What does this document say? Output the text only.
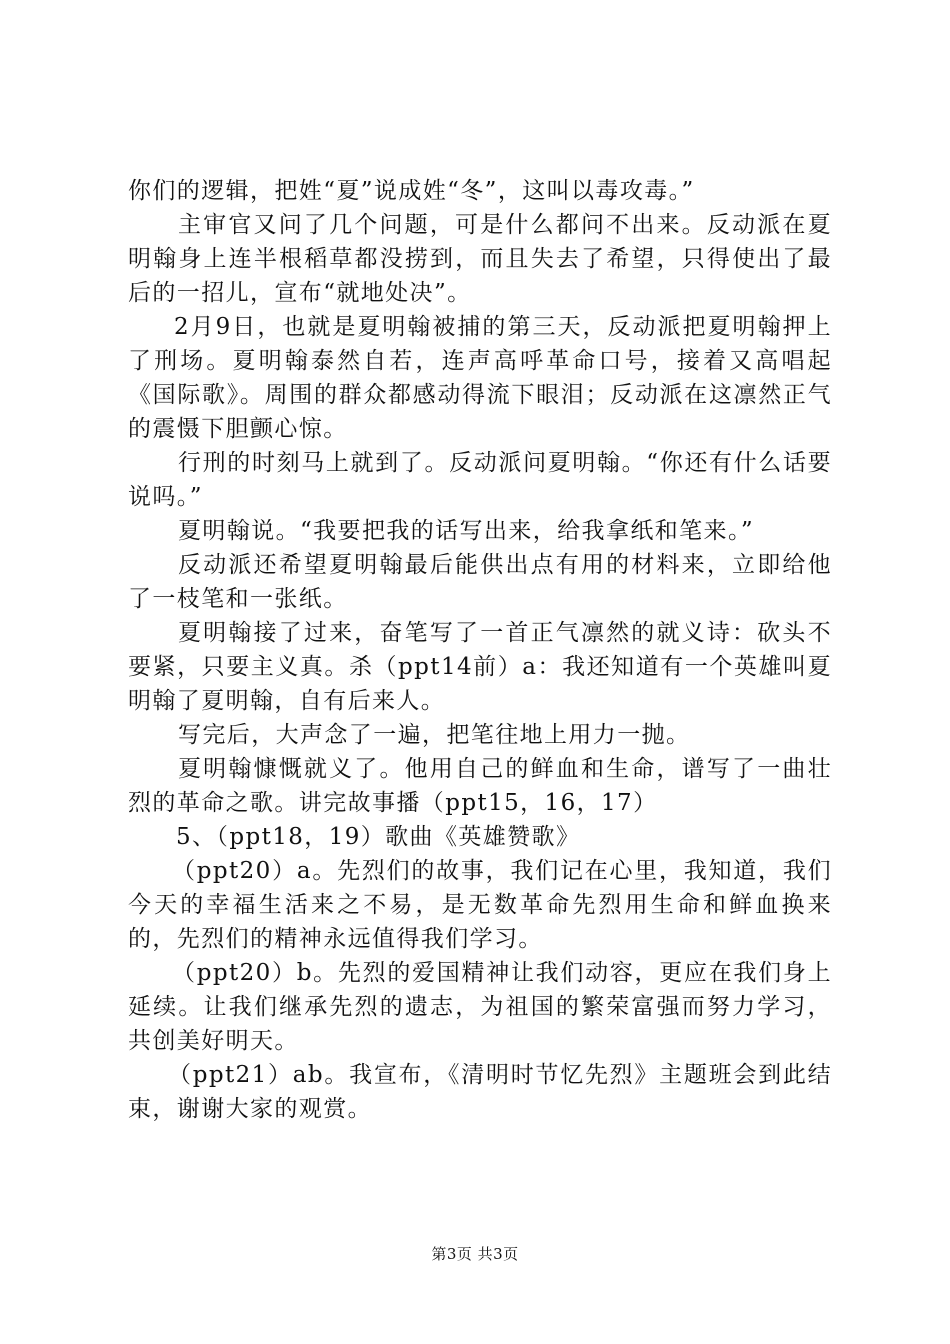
你们的逻辑，把姓“夏”说成姓“冬”，这叫以毒攻毒。”

主审官又问了几个问题，可是什么都问不出来。反动派在夏明翰身上连半根稻草都没捞到，而且失去了希望，只得使出了最后的一招儿，宣布“就地处决”。

2月9日，也就是夏明翰被捕的第三天，反动派把夏明翰押上了刑场。夏明翰泰然自若，连声高呼革命口号，接着又高唱起《国际歌》。周围的群众都感动得流下眼泪；反动派在这凛然正气的震慑下胆颤心惊。

行刑的时刻马上就到了。反动派问夏明翰。“你还有什么话要说吗。”

夏明翰说。“我要把我的话写出来，给我拿纸和笔来。”

反动派还希望夏明翰最后能供出点有用的材料来，立即给他了一枝笔和一张纸。

夏明翰接了过来，奋笔写了一首正气凛然的就义诗：砍头不要紧，只要主义真。杀（ppt14前）a：我还知道有一个英雄叫夏明翰了夏明翰，自有后来人。

写完后，大声念了一遍，把笔往地上用力一抛。

夏明翰慷慨就义了。他用自己的鲜血和生命，谱写了一曲壮烈的革命之歌。讲完故事播（ppt15，16，17）

5、（ppt18，19）歌曲《英雄赞歌》

（ppt20）a。先烈们的故事，我们记在心里，我知道，我们今天的幸福生活来之不易，是无数革命先烈用生命和鲜血换来的，先烈们的精神永远值得我们学习。

（ppt20）b。先烈的爱国精神让我们动容，更应在我们身上延续。让我们继承先烈的遗志，为祖国的繁荣富强而努力学习，共创美好明天。

（ppt21）ab。我宣布，《清明时节忆先烈》主题班会到此结束，谢谢大家的观赏。

第3页 共3页
